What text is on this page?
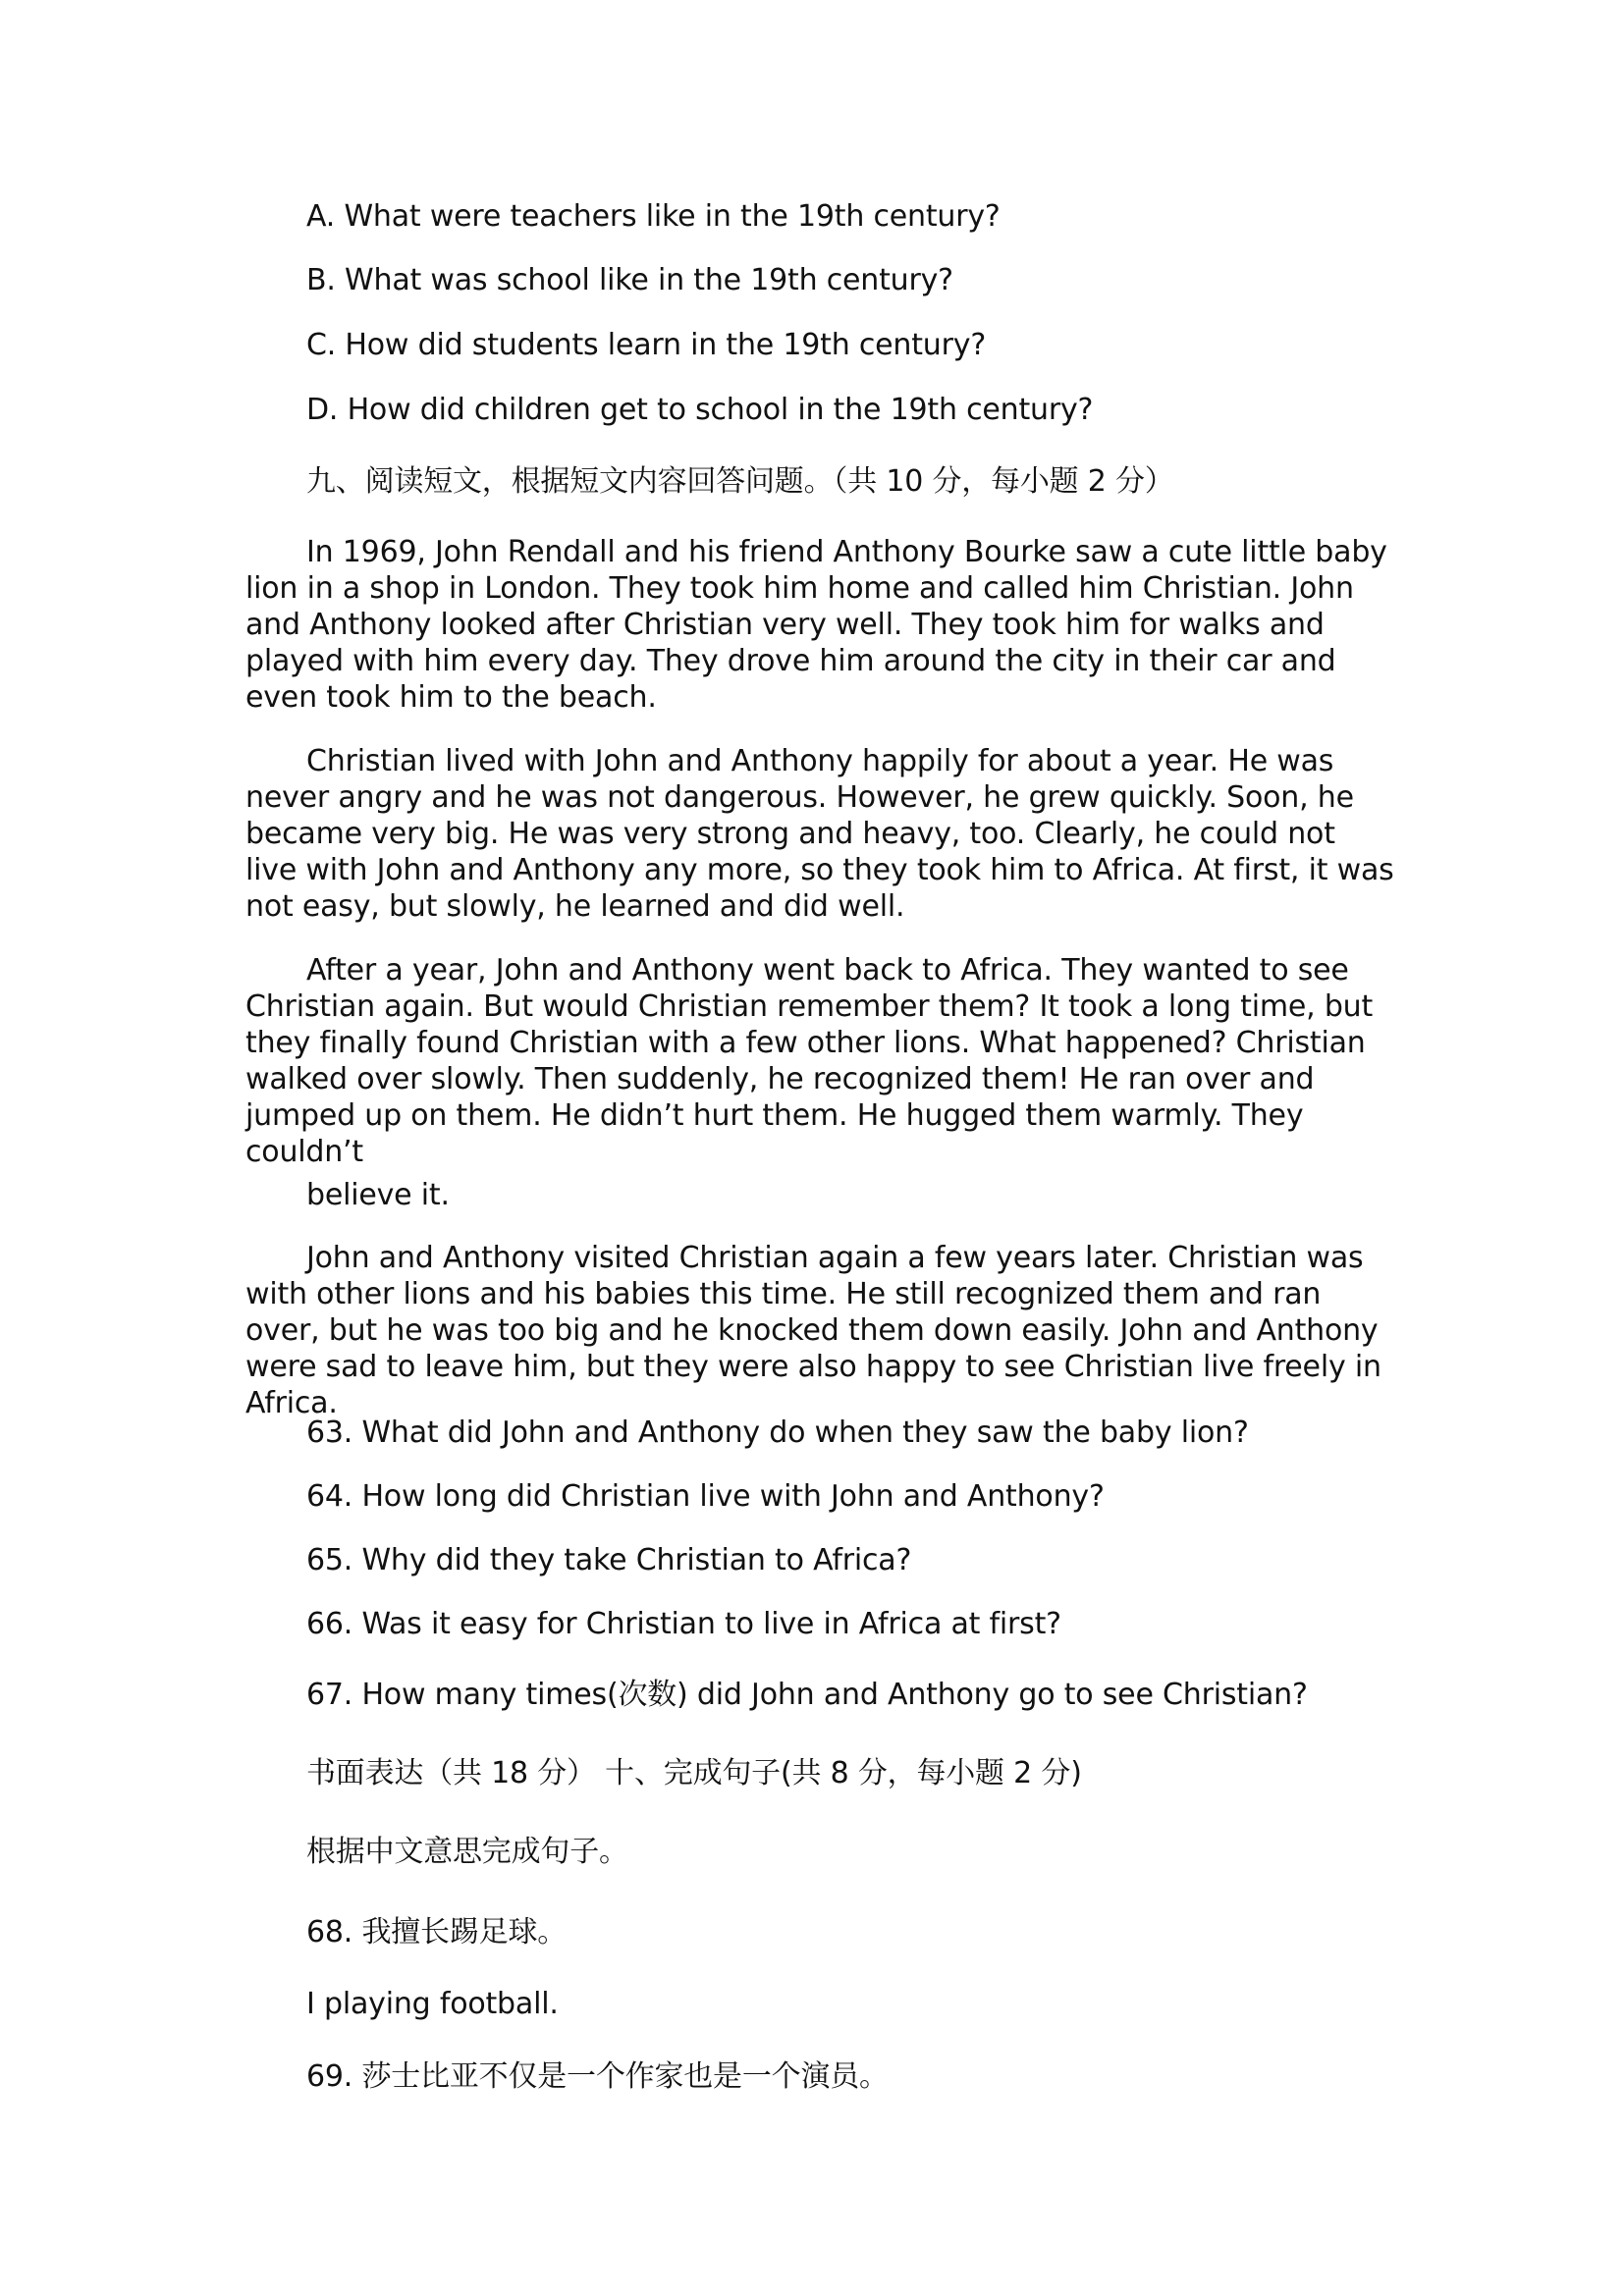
A. What were teachers like in the 19th century?
B. What was school like in the 19th century?
C. How did students learn in the 19th century?
D. How did children get to school in the 19th century?
九、阅读短文，根据短文内容回答问题。（共 10 分，每小题 2 分）
In 1969, John Rendall and his friend Anthony Bourke saw a cute little baby lion in a shop in London. They took him home and called him Christian. John and Anthony looked after Christian very well. They took him for walks and played with him every day. They drove him around the city in their car and even took him to the beach.
Christian lived with John and Anthony happily for about a year. He was never angry and he was not dangerous. However, he grew quickly. Soon, he became very big. He was very strong and heavy, too. Clearly, he could not live with John and Anthony any more, so they took him to Africa. At first, it was not easy, but slowly, he learned and did well.
After a year, John and Anthony went back to Africa. They wanted to see Christian again. But would Christian remember them? It took a long time, but they finally found Christian with a few other lions. What happened? Christian walked over slowly. Then suddenly, he recognized them! He ran over and jumped up on them. He didn’t hurt them. He hugged them warmly. They couldn’t
believe it.
John and Anthony visited Christian again a few years later. Christian was with other lions and his babies this time. He still recognized them and ran over, but he was too big and he knocked them down easily. John and Anthony were sad to leave him, but they were also happy to see Christian live freely in Africa.
63. What did John and Anthony do when they saw the baby lion?
64. How long did Christian live with John and Anthony?
65. Why did they take Christian to Africa?
66. Was it easy for Christian to live in Africa at first?
67. How many times(次数) did John and Anthony go to see Christian?
书面表达（共 18 分） 十、完成句子(共 8 分，每小题 2 分)
根据中文意思完成句子。
68. 我擅长踢足球。
I playing football.
69. 莎士比亚不仅是一个作家也是一个演员。
